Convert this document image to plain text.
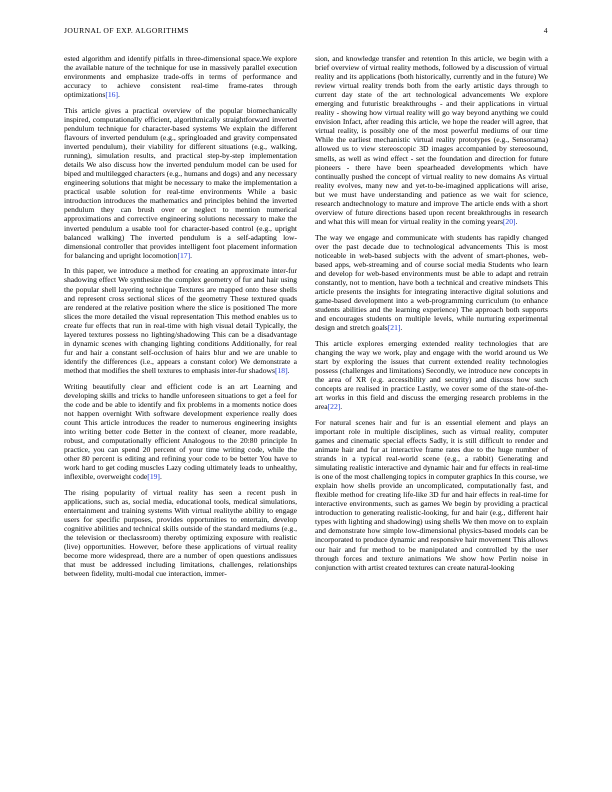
JOURNAL OF EXP. ALGORITHMS	4

ested algorithm and identify pitfalls in three-dimensional space.We explore the available nature of the technique for use in massively parallel execution environments and emphasize trade-offs in terms of performance and accuracy to achieve consistent real-time frame-rates through optimizations[16].

This article gives a practical overview of the popular biomechanically inspired, computationally efficient, algorithmically straightforward inverted pendulum technique for character-based systems We explain the different flavours of inverted pendulum (e.g., springloaded and gravity compensated inverted pendulum), their viability for different situations (e.g., walking, running), simulation results, and practical step-by-step implementation details We also discuss how the inverted pendulum model can be used for biped and multilegged characters (e.g., humans and dogs) and any necessary engineering solutions that might be necessary to make the implementation a practical usable solution for real-time environments While a basic introduction introduces the mathematics and principles behind the inverted pendulum they can brush over or neglect to mention numerical approximations and corrective engineering solutions necessary to make the inverted pendulum a usable tool for character-based control (e.g., upright balanced walking) The inverted pendulum is a self-adapting low-dimensional controller that provides intelligent foot placement information for balancing and upright locomotion[17].

In this paper, we introduce a method for creating an approximate inter-fur shadowing effect We synthesize the complex geometry of fur and hair using the popular shell layering technique Textures are mapped onto these shells and represent cross sectional slices of the geometry These textured quads are rendered at the relative position where the slice is positioned The more slices the more detailed the visual representation This method enables us to create fur effects that run in real-time with high visual detail Typically, the layered textures possess no lighting/shadowing This can be a disadvantage in dynamic scenes with changing lighting conditions Additionally, for real fur and hair a constant self-occlusion of hairs blur and we are unable to identify the differences (i.e., appears a constant color) We demonstrate a method that modifies the shell textures to emphasis inter-fur shadows[18].

Writing beautifully clear and efficient code is an art Learning and developing skills and tricks to handle unforeseen situations to get a feel for the code and be able to identify and fix problems in a moments notice does not happen overnight With software development experience really does count This article introduces the reader to numerous engineering insights into writing better code Better in the context of cleaner, more readable, robust, and computationally efficient Analogous to the 20:80 principle In practice, you can spend 20 percent of your time writing code, while the other 80 percent is editing and refining your code to be better You have to work hard to get coding muscles Lazy coding ultimately leads to unhealthy, inflexible, overweight code[19].

The rising popularity of virtual reality has seen a recent push in applications, such as, social media, educational tools, medical simulations, entertainment and training systems With virtual realitythe ability to engage users for specific purposes, provides opportunities to entertain, develop cognitive abilities and technical skills outside of the standard mediums (e.g., the television or theclassroom) thereby optimizing exposure with realistic (live) opportunities. However, before these applications of virtual reality become more widespread, there are a number of open questions andissues that must be addressed including limitations, challenges, relationships between fidelity, multi-modal cue interaction, immer-

sion, and knowledge transfer and retention In this article, we begin with a brief overview of virtual reality methods, followed by a discussion of virtual reality and its applications (both historically, currently and in the future) We review virtual reality trends both from the early artistic days through to current day state of the art technological advancements We explore emerging and futuristic breakthroughs - and their applications in virtual reality - showing how virtual reality will go way beyond anything we could envision Infact, after reading this article, we hope the reader will agree, that virtual reality, is possibly one of the most powerful mediums of our time While the earliest mechanistic virtual reality prototypes (e.g., Sensorama) allowed us to view stereoscopic 3D images accompanied by stereosound, smells, as well as wind effect - set the foundation and direction for future pioneers - there have been spearheaded developments which have continually pushed the concept of virtual reality to new domains As virtual reality evolves, many new and yet-to-be-imagined applications will arise, but we must have understanding and patience as we wait for science, research andtechnology to mature and improve The article ends with a short overview of future directions based upon recent breakthroughs in research and what this will mean for virtual reality in the coming years[20].

The way we engage and communicate with students has rapidly changed over the past decade due to technological advancements This is most noticeable in web-based subjects with the advent of smart-phones, web-based apps, web-streaming and of course social media Students who learn and develop for web-based environments must be able to adapt and retrain constantly, not to mention, have both a technical and creative mindsets This article presents the insights for integrating interactive digital solutions and game-based development into a web-programming curriculum (to enhance students abilities and the learning experience) The approach both supports and encourages students on multiple levels, while nurturing experimental design and stretch goals[21].

This article explores emerging extended reality technologies that are changing the way we work, play and engage with the world around us We start by exploring the issues that current extended reality technologies possess (challenges and limitations) Secondly, we introduce new concepts in the area of XR (e.g. accessibility and security) and discuss how such concepts are realised in practice Lastly, we cover some of the state-of-the-art works in this field and discuss the emerging research problems in the area[22].

For natural scenes hair and fur is an essential element and plays an important role in multiple disciplines, such as virtual reality, computer games and cinematic special effects Sadly, it is still difficult to render and animate hair and fur at interactive frame rates due to the huge number of strands in a typical real-world scene (e.g., a rabbit) Generating and simulating realistic interactive and dynamic hair and fur effects in real-time is one of the most challenging topics in computer graphics In this course, we explain how shells provide an uncomplicated, computationally fast, and flexible method for creating life-like 3D fur and hair effects in real-time for interactive environments, such as games We begin by providing a practical introduction to generating realistic-looking, fur and hair (e.g., different hair types with lighting and shadowing) using shells We then move on to explain and demonstrate how simple low-dimensional physics-based models can be incorporated to produce dynamic and responsive hair movement This allows our hair and fur method to be manipulated and controlled by the user through forces and texture animations We show how Perlin noise in conjunction with artist created textures can create natural-looking
